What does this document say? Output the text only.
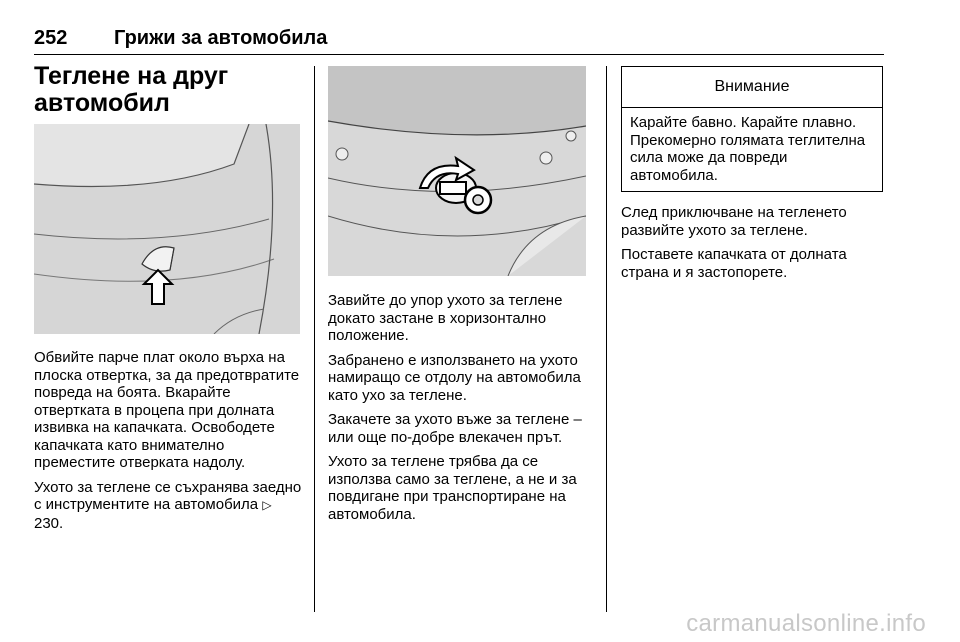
252 Грижи за автомобила
Теглене на друг
автомобил

Обвийте парче плат около върха на плоска отвертка, за да предотвратите повреда на боята. Вкарайте отвертката в процепа при долната извивка на капачката. Освободете капачката като внимателно преместите отверката надолу.

Ухото за теглене се съхранява заедно с инструментите на автомобила ▷ 230.

Завийте до упор ухото за теглене докато застане в хоризонтално положение.

Забранено е използването на ухото намиращо се отдолу на автомобила като ухо за теглене.

Закачете за ухото въже за теглене – или още по-добре влекачен прът.

Ухото за теглене трябва да се използва само за теглене, а не и за повдигане при транспортиране на автомобила.

Внимание
Карайте бавно. Карайте плавно. Прекомерно голямата теглителна сила може да повреди автомобила.

След приключване на тегленето развийте ухото за теглене.

Поставете капачката от долната страна и я застопорете.

carmanualsonline.info
